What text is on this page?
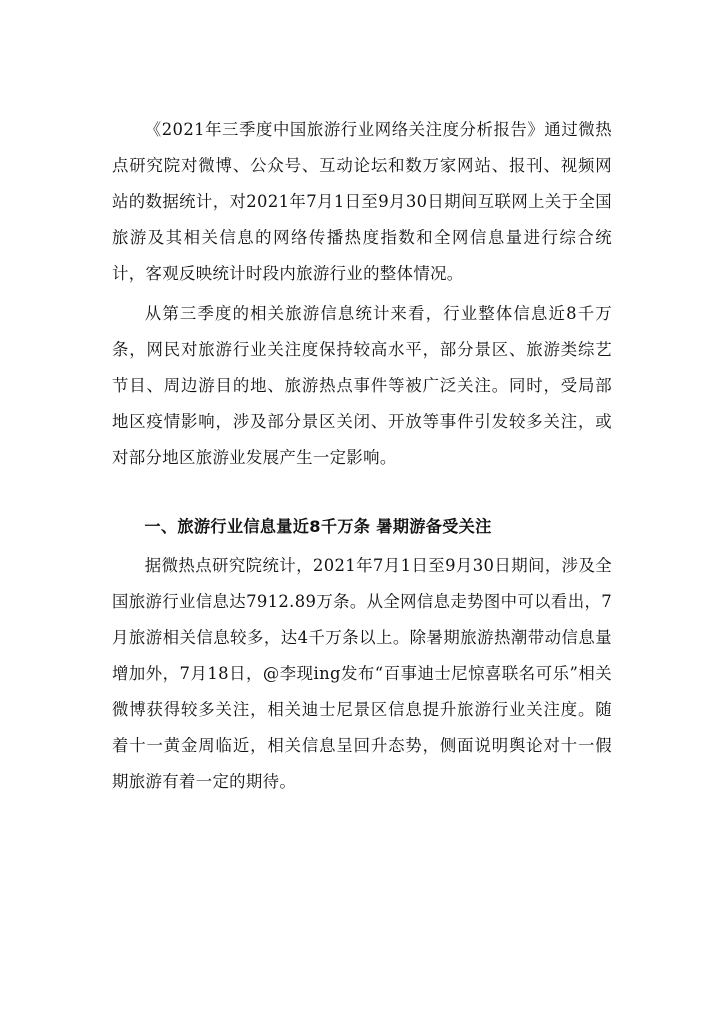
《2021年三季度中国旅游行业网络关注度分析报告》通过微热点研究院对微博、公众号、互动论坛和数万家网站、报刊、视频网站的数据统计，对2021年7月1日至9月30日期间互联网上关于全国旅游及其相关信息的网络传播热度指数和全网信息量进行综合统计，客观反映统计时段内旅游行业的整体情况。

从第三季度的相关旅游信息统计来看，行业整体信息近8千万条，网民对旅游行业关注度保持较高水平，部分景区、旅游类综艺节目、周边游目的地、旅游热点事件等被广泛关注。同时，受局部地区疫情影响，涉及部分景区关闭、开放等事件引发较多关注，或对部分地区旅游业发展产生一定影响。

一、旅游行业信息量近8千万条 暑期游备受关注

据微热点研究院统计，2021年7月1日至9月30日期间，涉及全国旅游行业信息达7912.89万条。从全网信息走势图中可以看出，7月旅游相关信息较多，达4千万条以上。除暑期旅游热潮带动信息量增加外，7月18日，@李现ing发布“百事迪士尼惊喜联名可乐”相关微博获得较多关注，相关迪士尼景区信息提升旅游行业关注度。随着十一黄金周临近，相关信息呈回升态势，侧面说明舆论对十一假期旅游有着一定的期待。
